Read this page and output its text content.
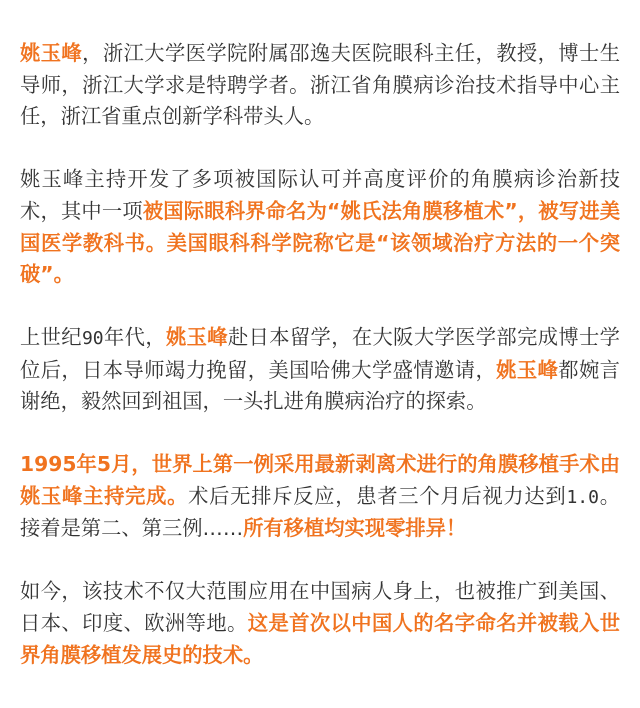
姚玉峰，浙江大学医学院附属邵逸夫医院眼科主任，教授，博士生导师，浙江大学求是特聘学者。浙江省角膜病诊治技术指导中心主任，浙江省重点创新学科带头人。

姚玉峰主持开发了多项被国际认可并高度评价的角膜病诊治新技术，其中一项被国际眼科界命名为“姚氏法角膜移植术”，被写进美国医学教科书。美国眼科科学院称它是“该领域治疗方法的一个突破”。

上世纪90年代，姚玉峰赴日本留学，在大阪大学医学部完成博士学位后，日本导师竭力挽留，美国哈佛大学盛情邀请，姚玉峰都婉言谢绝，毅然回到祖国，一头扎进角膜病治疗的探索。

1995年5月，世界上第一例采用最新剥离术进行的角膜移植手术由姚玉峰主持完成。术后无排斥反应，患者三个月后视力达到1.0。接着是第二、第三例……所有移植均实现零排异！

如今，该技术不仅大范围应用在中国病人身上，也被推广到美国、日本、印度、欧洲等地。这是首次以中国人的名字命名并被载入世界角膜移植发展史的技术。
